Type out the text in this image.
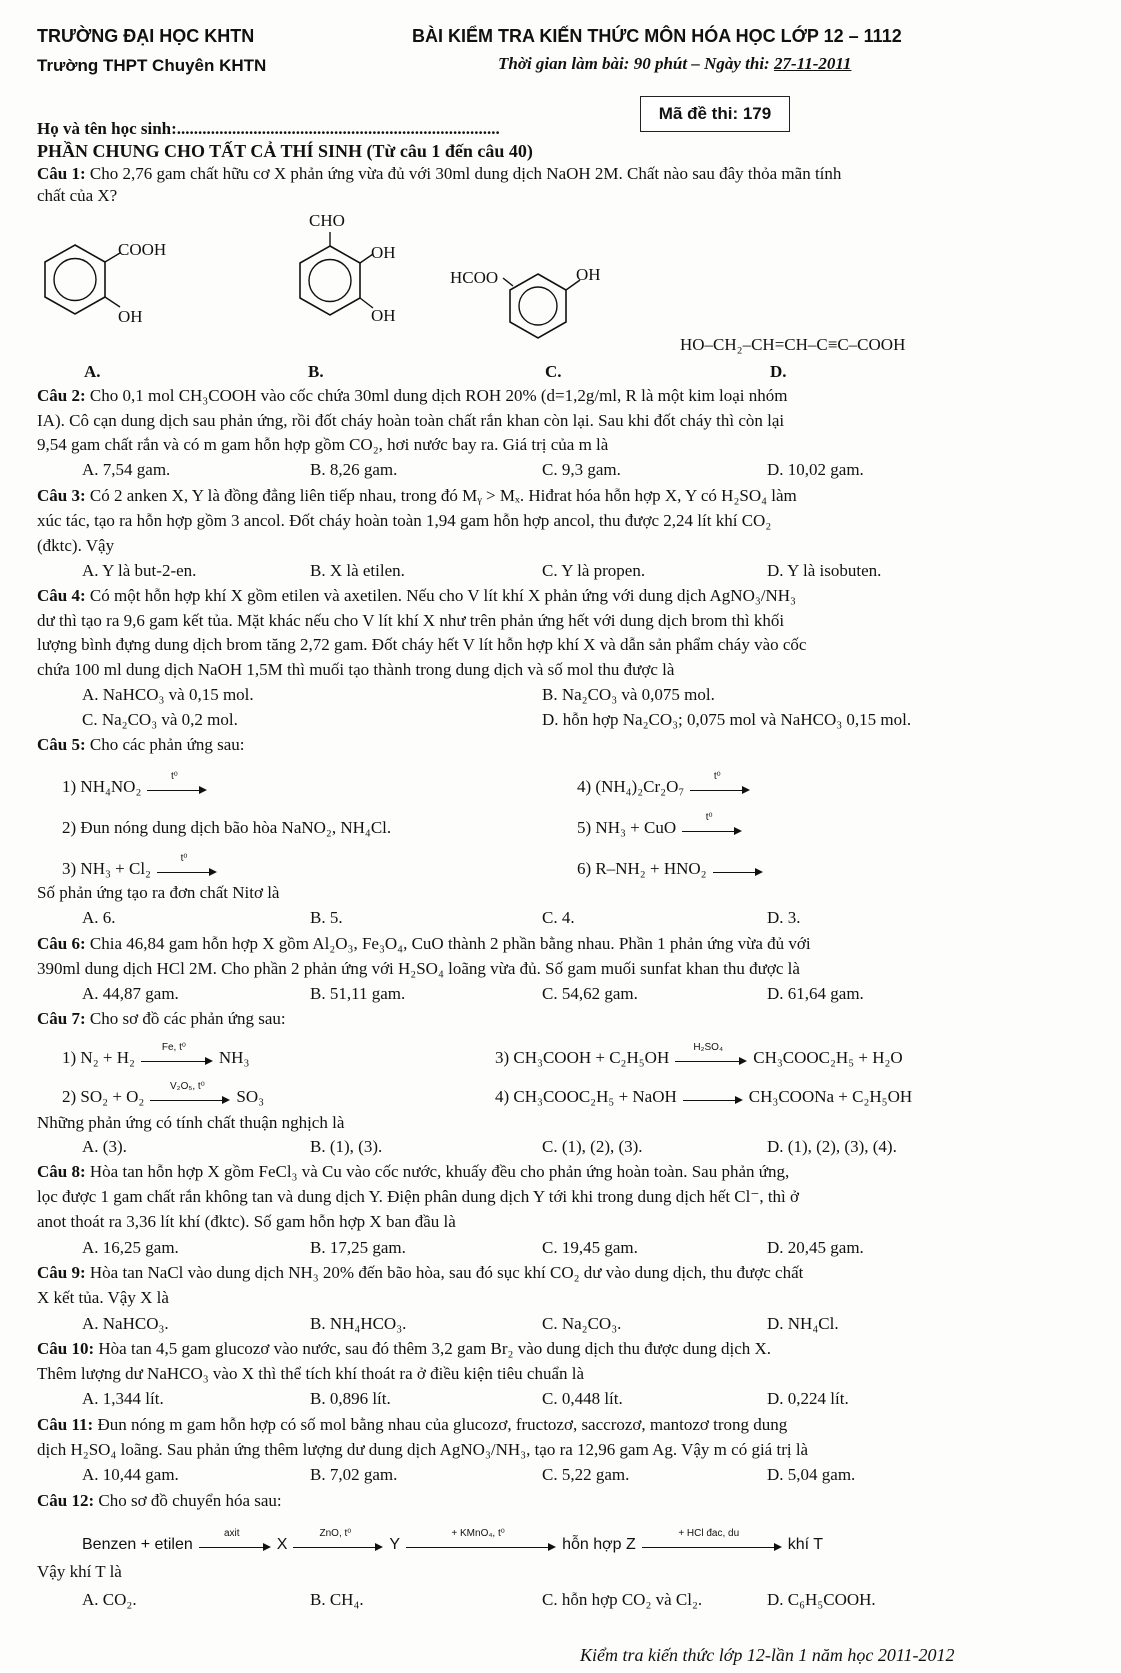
TRƯỜNG ĐẠI HỌC KHTN
Trường THPT Chuyên KHTN
BÀI KIỂM TRA KIẾN THỨC MÔN HÓA HỌC LỚP 12 – 1112
Thời gian làm bài: 90 phút – Ngày thi: 27-11-2011
Mã đề thi: 179
Họ và tên học sinh:............................................................................
PHẦN CHUNG CHO TẤT CẢ THÍ SINH (Từ câu 1 đến câu 40)
Câu 1: Cho 2,76 gam chất hữu cơ X phản ứng vừa đủ với 30ml dung dịch NaOH 2M. Chất nào sau đây thỏa mãn tính
chất của X?
COOH
OH
CHO
OH
OH
HCOO	OH
HO–CH₂–CH=CH–C≡C–COOH
A.	B.	C.	D.
Câu 2: Cho 0,1 mol CH₃COOH vào cốc chứa 30ml dung dịch ROH 20% (d=1,2g/ml, R là một kim loại nhóm
IA). Cô cạn dung dịch sau phản ứng, rồi đốt cháy hoàn toàn chất rắn khan còn lại. Sau khi đốt cháy thì còn lại
9,54 gam chất rắn và có m gam hỗn hợp gồm CO₂, hơi nước bay ra. Giá trị của m là
A. 7,54 gam.	B. 8,26 gam.	C. 9,3 gam.	D. 10,02 gam.
Câu 3: Có 2 anken X, Y là đồng đẳng liên tiếp nhau, trong đó Mᵧ > Mₓ. Hiđrat hóa hỗn hợp X, Y có H₂SO₄ làm
xúc tác, tạo ra hỗn hợp gồm 3 ancol. Đốt cháy hoàn toàn 1,94 gam hỗn hợp ancol, thu được 2,24 lít khí CO₂
(đktc). Vậy
A. Y là but-2-en.	B. X là etilen.	C. Y là propen.	D. Y là isobuten.
Câu 4: Có một hỗn hợp khí X gồm etilen và axetilen. Nếu cho V lít khí X phản ứng với dung dịch AgNO₃/NH₃
dư thì tạo ra 9,6 gam kết tủa. Mặt khác nếu cho V lít khí X như trên phản ứng hết với dung dịch brom thì khối
lượng bình đựng dung dịch brom tăng 2,72 gam. Đốt cháy hết V lít hỗn hợp khí X và dẫn sản phẩm cháy vào cốc
chứa 100 ml dung dịch NaOH 1,5M thì muối tạo thành trong dung dịch và số mol thu được là
A. NaHCO₃ và 0,15 mol.	B. Na₂CO₃ và 0,075 mol.
C. Na₂CO₃ và 0,2 mol.	D. hỗn hợp Na₂CO₃; 0,075 mol và NaHCO₃ 0,15 mol.
Câu 5: Cho các phản ứng sau:
1) NH₄NO₂
t⁰
4) (NH₄)₂Cr₂O₇
t⁰
2) Đun nóng dung dịch bão hòa NaNO₂, NH₄Cl.	5) NH₃ + CuO
t⁰
3) NH₃ + Cl₂
t⁰
6) R–NH₂ + HNO₂
Số phản ứng tạo ra đơn chất Nitơ là
A. 6.	B. 5.	C. 4.	D. 3.
Câu 6: Chia 46,84 gam hỗn hợp X gồm Al₂O₃, Fe₃O₄, CuO thành 2 phần bằng nhau. Phần 1 phản ứng vừa đủ với
390ml dung dịch HCl 2M. Cho phần 2 phản ứng với H₂SO₄ loãng vừa đủ. Số gam muối sunfat khan thu được là
A. 44,87 gam.	B. 51,11 gam.	C. 54,62 gam.	D. 61,64 gam.
Câu 7: Cho sơ đồ các phản ứng sau:
1) N₂ + H₂
Fe, t⁰
NH₃	3) CH₃COOH + C₂H₅OH
H₂SO₄
CH₃COOC₂H₅ + H₂O
2) SO₂ + O₂
V₂O₅, t⁰
SO₃	4) CH₃COOC₂H₅ + NaOH	CH₃COONa + C₂H₅OH
Những phản ứng có tính chất thuận nghịch là
A. (3).	B. (1), (3).	C. (1), (2), (3).	D. (1), (2), (3), (4).
Câu 8: Hòa tan hỗn hợp X gồm FeCl₃ và Cu vào cốc nước, khuấy đều cho phản ứng hoàn toàn. Sau phản ứng,
lọc được 1 gam chất rắn không tan và dung dịch Y. Điện phân dung dịch Y tới khi trong dung dịch hết Cl⁻, thì ở
anot thoát ra 3,36 lít khí (đktc). Số gam hỗn hợp X ban đầu là
A. 16,25 gam.	B. 17,25 gam.	C. 19,45 gam.	D. 20,45 gam.
Câu 9: Hòa tan NaCl vào dung dịch NH₃ 20% đến bão hòa, sau đó sục khí CO₂ dư vào dung dịch, thu được chất
X kết tủa. Vậy X là
A. NaHCO₃.	B. NH₄HCO₃.	C. Na₂CO₃.	D. NH₄Cl.
Câu 10: Hòa tan 4,5 gam glucozơ vào nước, sau đó thêm 3,2 gam Br₂ vào dung dịch thu được dung dịch X.
Thêm lượng dư NaHCO₃ vào X thì thể tích khí thoát ra ở điều kiện tiêu chuẩn là
A. 1,344 lít.	B. 0,896 lít.	C. 0,448 lít.	D. 0,224 lít.
Câu 11: Đun nóng m gam hỗn hợp có số mol bằng nhau của glucozơ, fructozơ, saccrozơ, mantozơ trong dung
dịch H₂SO₄ loãng. Sau phản ứng thêm lượng dư dung dịch AgNO₃/NH₃, tạo ra 12,96 gam Ag. Vậy m có giá trị là
A. 10,44 gam.	B. 7,02 gam.	C. 5,22 gam.	D. 5,04 gam.
Câu 12: Cho sơ đồ chuyển hóa sau:
Benzen + etilen
axit
X
ZnO, t⁰
Y
+ KMnO₄, t⁰
hỗn hợp Z
+ HCl đac, du
khí T
Vậy khí T là
A. CO₂.	B. CH₄.	C. hỗn hợp CO₂ và Cl₂.	D. C₆H₅COOH.
Kiểm tra kiến thức lớp 12-lần 1 năm học 2011-2012
